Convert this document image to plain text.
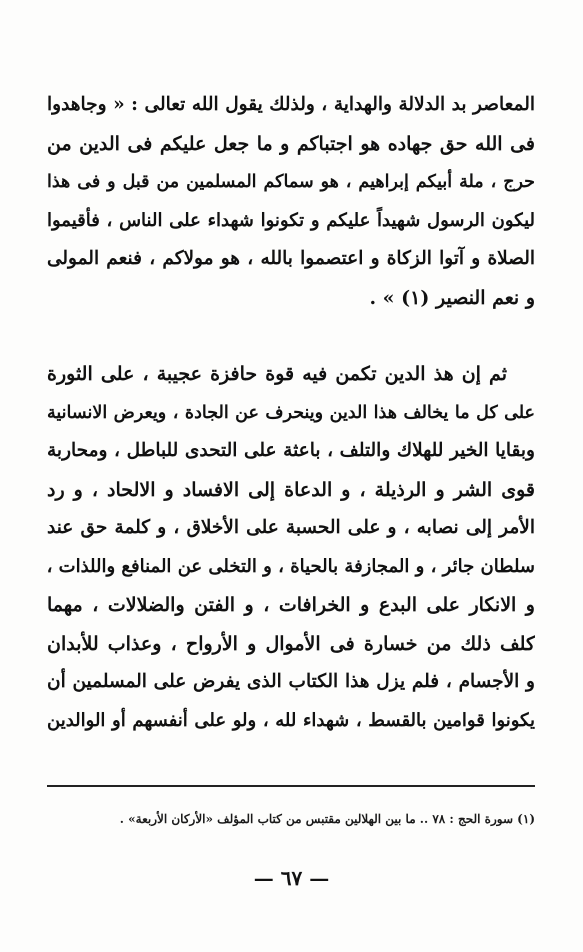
المعاصر بد الدلالة والهداية ، ولذلك يقول الله تعالى : « وجاهدوا
فى الله حق جهاده هو اجتباكم و ما جعل عليكم فى الدين من
حرج ، ملة أبيكم إبراهيم ، هو سماكم المسلمين من قبل و فى هذا
ليكون الرسول شهيداً عليكم و تكونوا شهداء على الناس ، فأقيموا
الصلاة و آتوا الزكاة و اعتصموا بالله ، هو مولاكم ، فنعم المولى
و نعم النصير (١) » .
ثم إن هذ الدين تكمن فيه قوة حافزة عجيبة ، على الثورة
على كل ما يخالف هذا الدين وينحرف عن الجادة ، ويعرض الانسانية
وبقايا الخير للهلاك والتلف ، باعثة على التحدى للباطل ، ومحاربة
قوى الشر و الرذيلة ، و الدعاة إلى الافساد و الالحاد ، و رد
الأمر إلى نصابه ، و على الحسبة على الأخلاق ، و كلمة حق عند
سلطان جائر ، و المجازفة بالحياة ، و التخلى عن المنافع واللذات ،
و الانكار على البدع و الخرافات ، و الفتن والضلالات ، مهما
كلف ذلك من خسارة فى الأموال و الأرواح ، وعذاب للأبدان
و الأجسام ، فلم يزل هذا الكتاب الذى يفرض على المسلمين أن
يكونوا قوامين بالقسط ، شهداء لله ، ولو على أنفسهم أو الوالدين
(١) سورة الحج : ٧٨ .. ما بين الهلالين مقتبس من كتاب المؤلف «الأركان الأربعة» .
— ٦٧ —
